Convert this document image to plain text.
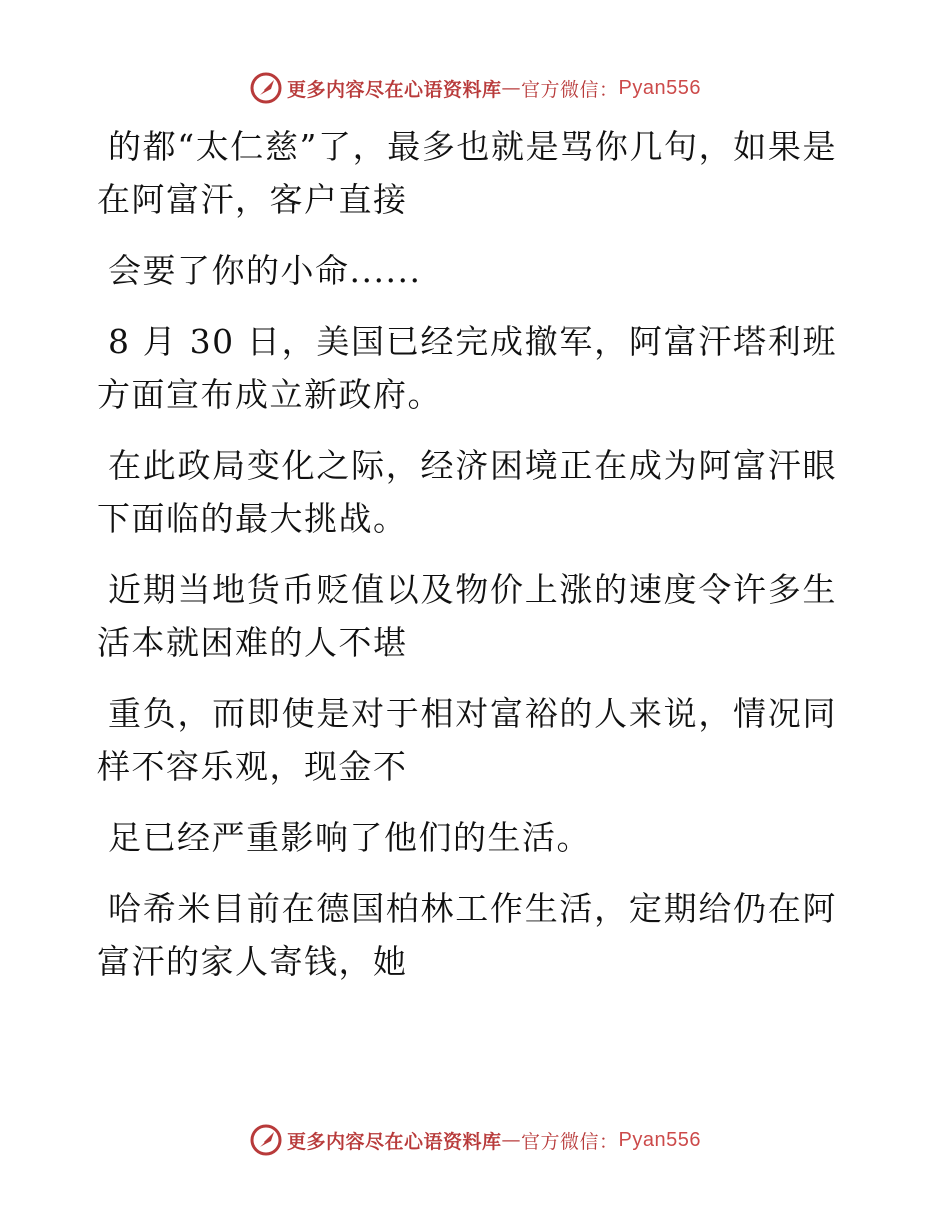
更多内容尽在心语资料库 — 官方微信： Pyan556

的都“太仁慈”了，最多也就是骂你几句，如果是在阿富汗，客户直接

会要了你的小命......

8 月 30 日，美国已经完成撤军，阿富汗塔利班方面宣布成立新政府。

在此政局变化之际，经济困境正在成为阿富汗眼下面临的最大挑战。

近期当地货币贬值以及物价上涨的速度令许多生活本就困难的人不堪

重负，而即使是对于相对富裕的人来说，情况同样不容乐观，现金不

足已经严重影响了他们的生活。

哈希米目前在德国柏林工作生活，定期给仍在阿富汗的家人寄钱，她

更多内容尽在心语资料库 — 官方微信： Pyan556
